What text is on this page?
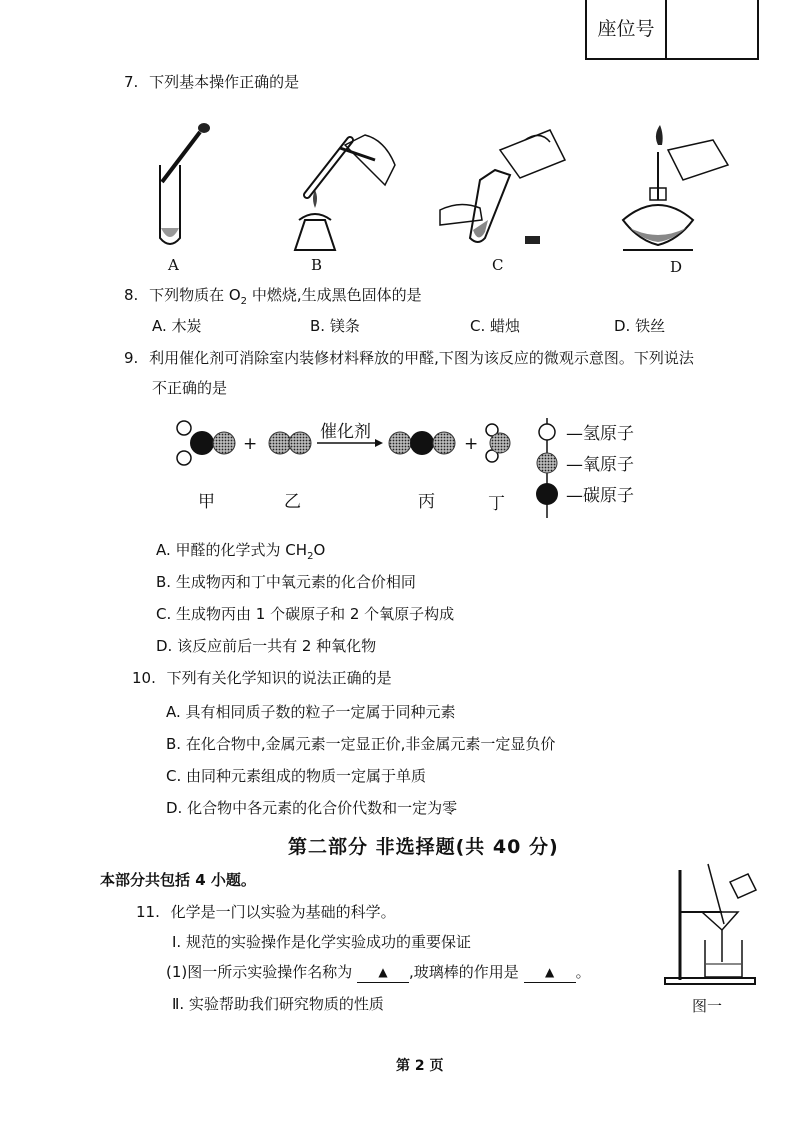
座位号
7. 下列基本操作正确的是
A	B	C	D
8. 下列物质在 $O_2$ 中燃烧,生成黑色固体的是
A. 木炭	B. 镁条	C. 蜡烛	D. 铁丝
9. 利用催化剂可消除室内装修材料释放的甲醛,下图为该反应的微观示意图。下列说法
不正确的是
+
催化剂
+
甲	乙	丙	丁
—氢原子
—氧原子
—碳原子
A. 甲醛的化学式为 $CH_2O$
B. 生成物丙和丁中氧元素的化合价相同
C. 生成物丙由 1 个碳原子和 2 个氧原子构成
D. 该反应前后一共有 2 种氧化物
10. 下列有关化学知识的说法正确的是
A. 具有相同质子数的粒子一定属于同种元素
B. 在化合物中,金属元素一定显正价,非金属元素一定显负价
C. 由同种元素组成的物质一定属于单质
D. 化合物中各元素的化合价代数和一定为零
第二部分 非选择题(共 40 分)
本部分共包括 4 小题。
11. 化学是一门以实验为基础的科学。
Ⅰ. 规范的实验操作是化学实验成功的重要保证
(1)图一所示实验操作名称为 ▲ ,玻璃棒的作用是 ▲ 。
Ⅱ. 实验帮助我们研究物质的性质	图一
第 2 页
